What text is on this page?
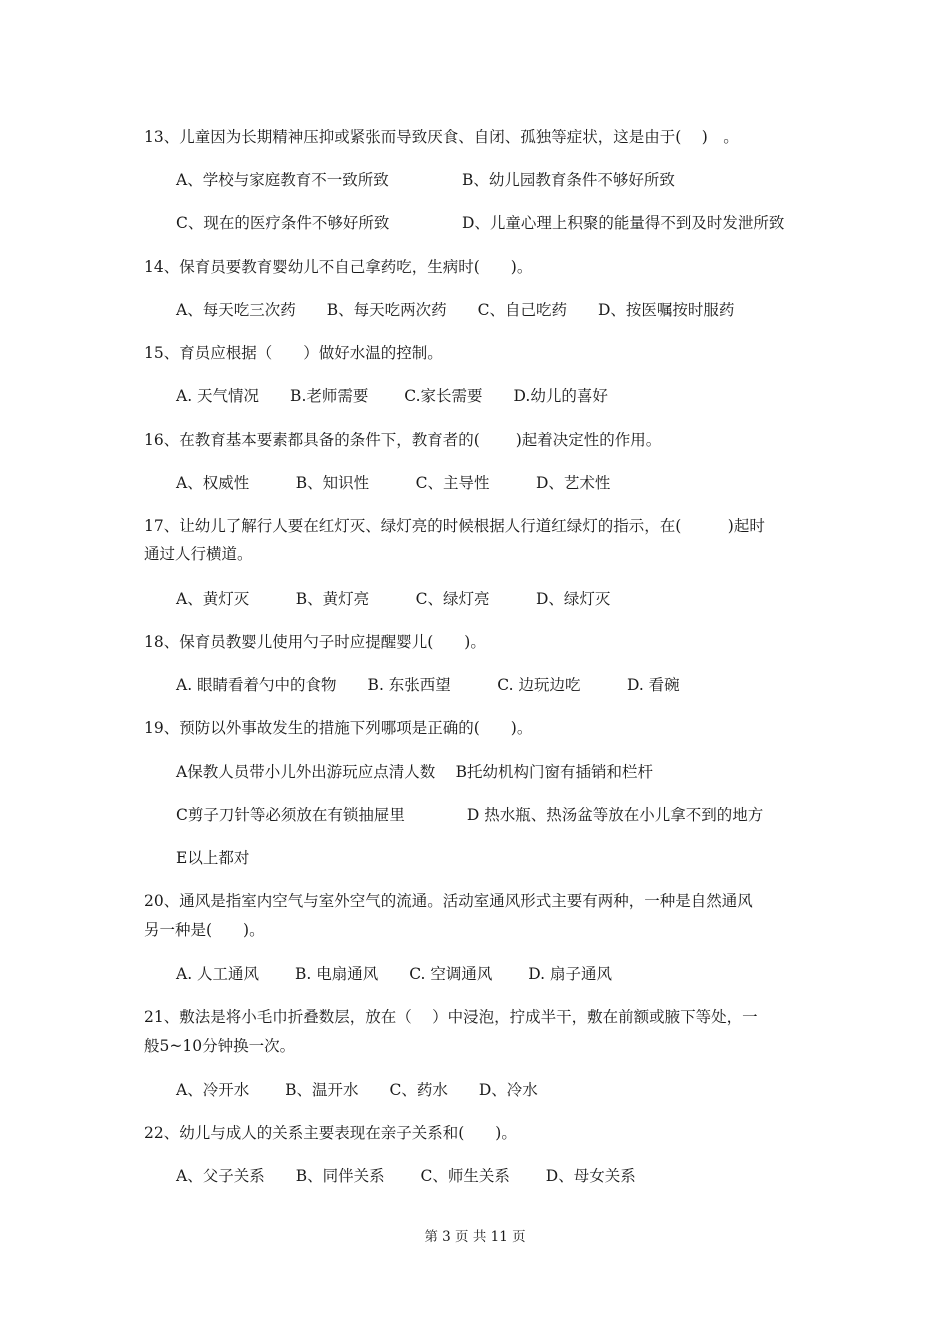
13、儿童因为长期精神压抑或紧张而导致厌食、自闭、孤独等症状，这是由于(　 )　。
A、学校与家庭教育不一致所致	B、幼儿园教育条件不够好所致
C、现在的医疗条件不够好所致	D、儿童心理上积聚的能量得不到及时发泄所致
14、保育员要教育婴幼儿不自己拿药吃，生病时(　　)。
A、每天吃三次药　　B、每天吃两次药　　C、自己吃药　　D、按医嘱按时服药
15、育员应根据（　　）做好水温的控制。
A. 天气情况　　B.老师需要　　 C.家长需要　　D.幼儿的喜好
16、在教育基本要素都具备的条件下，教育者的(　　 )起着决定性的作用。
A、权威性　　　B、知识性　　　C、主导性　　　D、艺术性
17、让幼儿了解行人要在红灯灭、绿灯亮的时候根据人行道红绿灯的指示，在(　　　)起时
通过人行横道。
A、黄灯灭　　　B、黄灯亮　　　C、绿灯亮　　　D、绿灯灭
18、保育员教婴儿使用勺子时应提醒婴儿(　　)。
A. 眼睛看着勺中的食物　　B. 东张西望　　　C. 边玩边吃　　　D. 看碗
19、预防以外事故发生的措施下列哪项是正确的(　　)。
A保教人员带小儿外出游玩应点清人数　 B托幼机构门窗有插销和栏杆
C剪子刀针等必须放在有锁抽屉里　　　　D 热水瓶、热汤盆等放在小儿拿不到的地方
E以上都对
20、通风是指室内空气与室外空气的流通。活动室通风形式主要有两种，一种是自然通风
另一种是(　　)。
A. 人工通风　　 B. 电扇通风　　C. 空调通风　　 D. 扇子通风
21、敷法是将小毛巾折叠数层，放在（　 ）中浸泡，拧成半干，敷在前额或腋下等处，一
般5~10分钟换一次。
A、冷开水　　 B、温开水　　C、药水　　D、冷水
22、幼儿与成人的关系主要表现在亲子关系和(　　)。
A、父子关系　　B、同伴关系　　 C、师生关系　　 D、母女关系
第 3 页 共 11 页
